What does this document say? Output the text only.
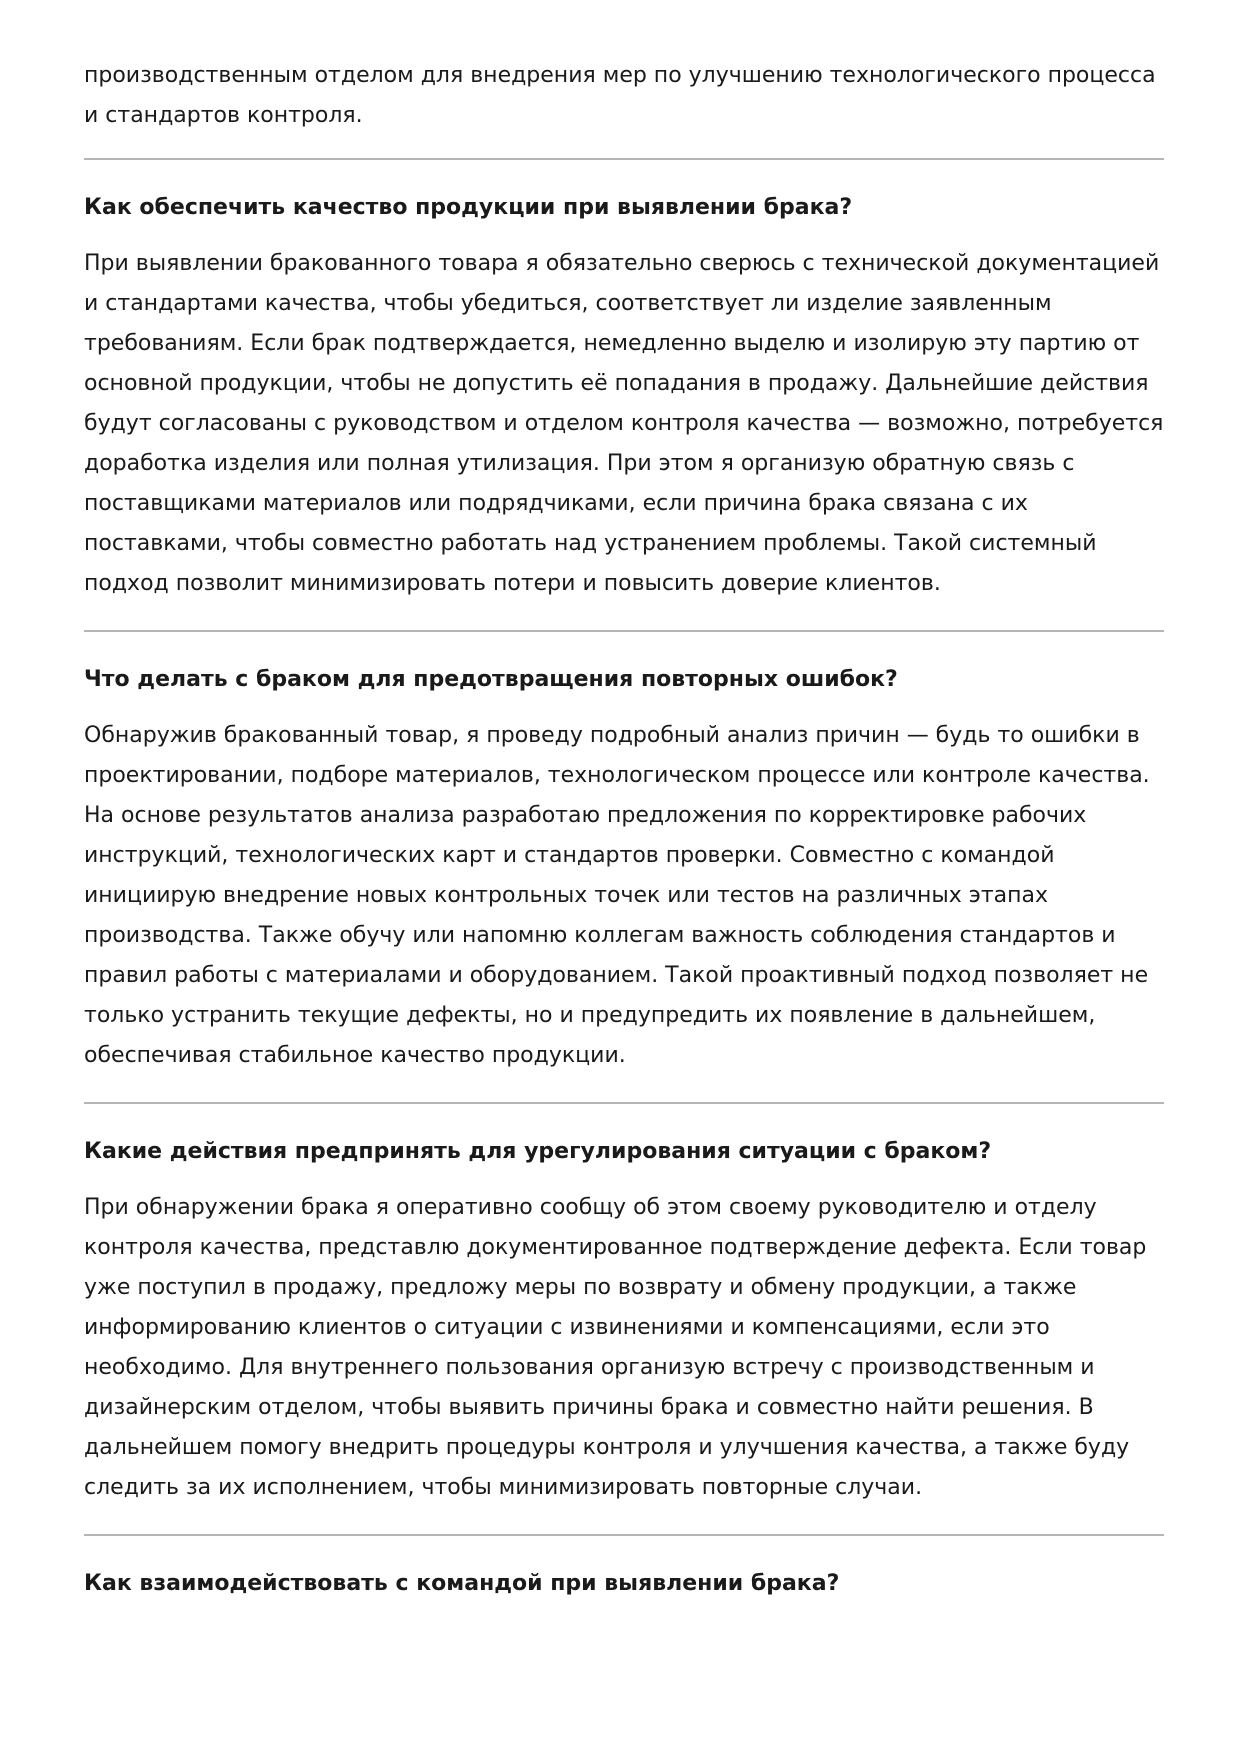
производственным отделом для внедрения мер по улучшению технологического процесса и стандартов контроля.

Как обеспечить качество продукции при выявлении брака?

При выявлении бракованного товара я обязательно сверюсь с технической документацией и стандартами качества, чтобы убедиться, соответствует ли изделие заявленным требованиям. Если брак подтверждается, немедленно выделю и изолирую эту партию от основной продукции, чтобы не допустить её попадания в продажу. Дальнейшие действия будут согласованы с руководством и отделом контроля качества — возможно, потребуется доработка изделия или полная утилизация. При этом я организую обратную связь с поставщиками материалов или подрядчиками, если причина брака связана с их поставками, чтобы совместно работать над устранением проблемы. Такой системный подход позволит минимизировать потери и повысить доверие клиентов.

Что делать с браком для предотвращения повторных ошибок?

Обнаружив бракованный товар, я проведу подробный анализ причин — будь то ошибки в проектировании, подборе материалов, технологическом процессе или контроле качества. На основе результатов анализа разработаю предложения по корректировке рабочих инструкций, технологических карт и стандартов проверки. Совместно с командой инициирую внедрение новых контрольных точек или тестов на различных этапах производства. Также обучу или напомню коллегам важность соблюдения стандартов и правил работы с материалами и оборудованием. Такой проактивный подход позволяет не только устранить текущие дефекты, но и предупредить их появление в дальнейшем, обеспечивая стабильное качество продукции.

Какие действия предпринять для урегулирования ситуации с браком?

При обнаружении брака я оперативно сообщу об этом своему руководителю и отделу контроля качества, представлю документированное подтверждение дефекта. Если товар уже поступил в продажу, предложу меры по возврату и обмену продукции, а также информированию клиентов о ситуации с извинениями и компенсациями, если это необходимо. Для внутреннего пользования организую встречу с производственным и дизайнерским отделом, чтобы выявить причины брака и совместно найти решения. В дальнейшем помогу внедрить процедуры контроля и улучшения качества, а также буду следить за их исполнением, чтобы минимизировать повторные случаи.

Как взаимодействовать с командой при выявлении брака?
